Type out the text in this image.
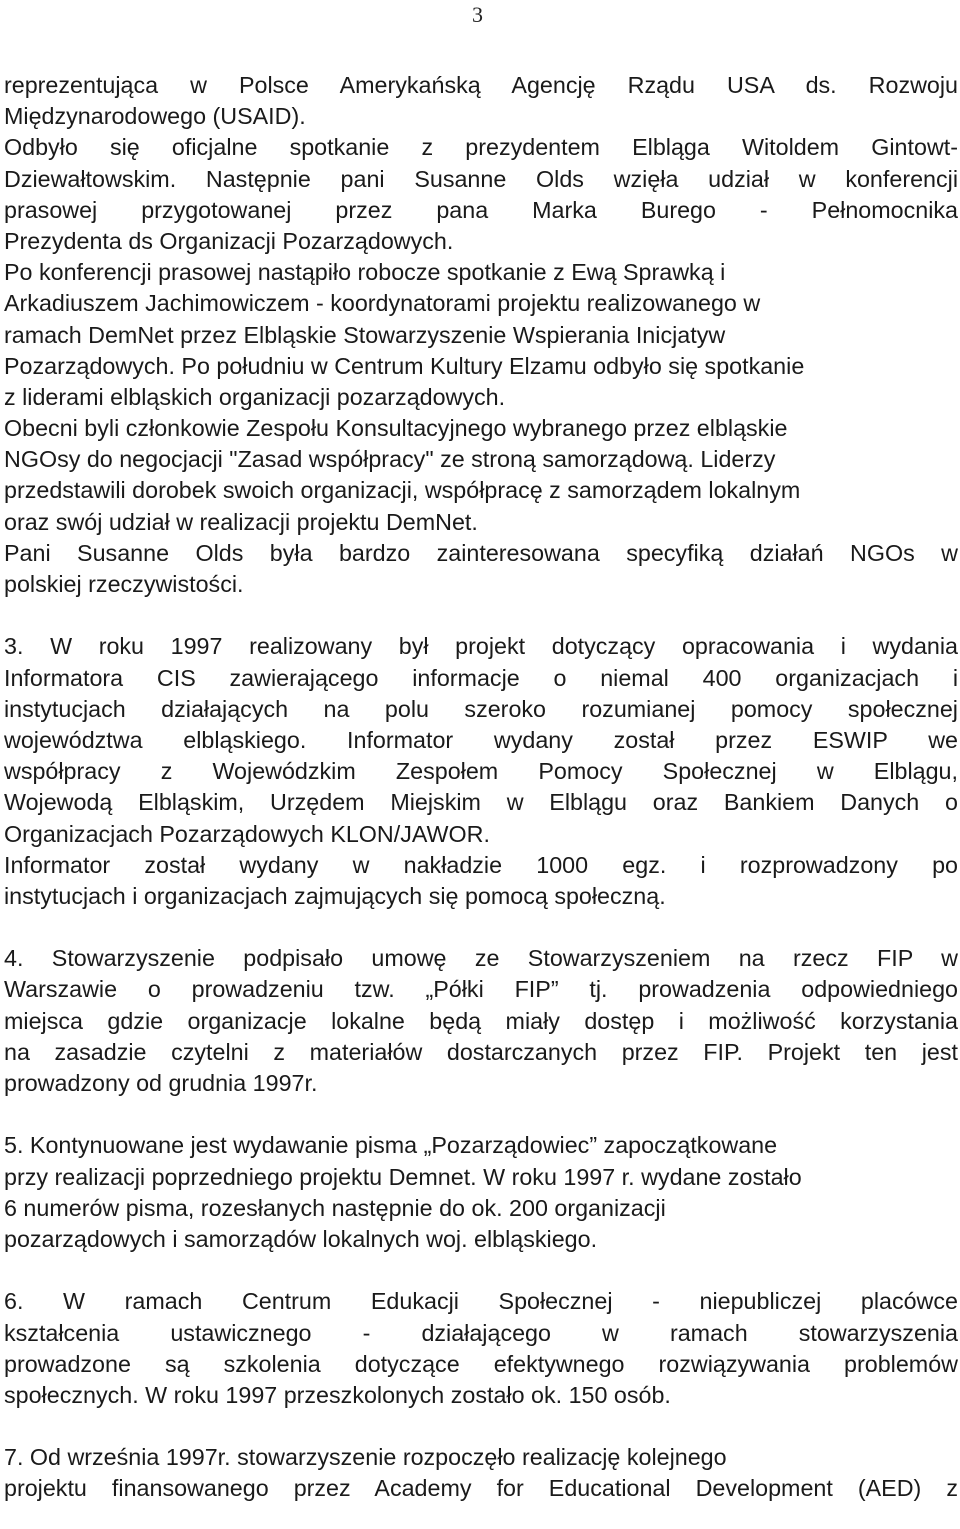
3
reprezentująca w Polsce Amerykańską Agencję Rządu USA ds. Rozwoju
Międzynarodowego (USAID).
Odbyło się oficjalne spotkanie z prezydentem Elbląga Witoldem Gintowt-
Dziewałtowskim. Następnie pani Susanne Olds wzięła udział w konferencji
prasowej przygotowanej przez pana Marka Burego - Pełnomocnika
Prezydenta ds Organizacji Pozarządowych.
Po konferencji prasowej nastąpiło robocze spotkanie z Ewą Sprawką i
Arkadiuszem Jachimowiczem - koordynatorami projektu realizowanego w
ramach DemNet przez Elbląskie Stowarzyszenie Wspierania Inicjatyw
Pozarządowych. Po południu w Centrum Kultury Elzamu odbyło się spotkanie
z liderami elbląskich organizacji pozarządowych.
Obecni byli członkowie Zespołu Konsultacyjnego wybranego przez elbląskie
NGOsy do negocjacji "Zasad współpracy" ze stroną samorządową. Liderzy
przedstawili dorobek swoich organizacji, współpracę z samorządem lokalnym
oraz swój udział w realizacji projektu DemNet.
Pani Susanne Olds była bardzo zainteresowana specyfiką działań NGOs w
polskiej rzeczywistości.
3. W roku 1997 realizowany był projekt dotyczący opracowania i wydania
Informatora CIS zawierającego informacje o niemal 400 organizacjach i
instytucjach działających na polu szeroko rozumianej pomocy społecznej
województwa elbląskiego. Informator wydany został przez ESWIP we
współpracy z Wojewódzkim Zespołem Pomocy Społecznej w Elblągu,
Wojewodą Elbląskim, Urzędem Miejskim w Elblągu oraz Bankiem Danych o
Organizacjach Pozarządowych KLON/JAWOR.
Informator został wydany w nakładzie 1000 egz. i rozprowadzony po
instytucjach i organizacjach zajmujących się pomocą społeczną.
4. Stowarzyszenie podpisało umowę ze Stowarzyszeniem na rzecz FIP w
Warszawie o prowadzeniu tzw. „Półki FIP” tj. prowadzenia odpowiedniego
miejsca gdzie organizacje lokalne będą miały dostęp i możliwość korzystania
na zasadzie czytelni z materiałów dostarczanych przez FIP. Projekt ten jest
prowadzony od grudnia 1997r.
5. Kontynuowane jest wydawanie pisma „Pozarządowiec” zapoczątkowane
przy realizacji poprzedniego projektu Demnet. W roku 1997 r. wydane zostało
6 numerów pisma, rozesłanych następnie do ok. 200 organizacji
pozarządowych i samorządów lokalnych woj. elbląskiego.
6. W ramach Centrum Edukacji Społecznej - niepubliczej placówce
kształcenia ustawicznego - działającego w ramach stowarzyszenia
prowadzone są szkolenia dotyczące efektywnego rozwiązywania problemów
społecznych. W roku 1997 przeszkolonych zostało ok. 150 osób.
7. Od września 1997r. stowarzyszenie rozpoczęło realizację kolejnego
projektu finansowanego przez Academy for Educational Development (AED) z
